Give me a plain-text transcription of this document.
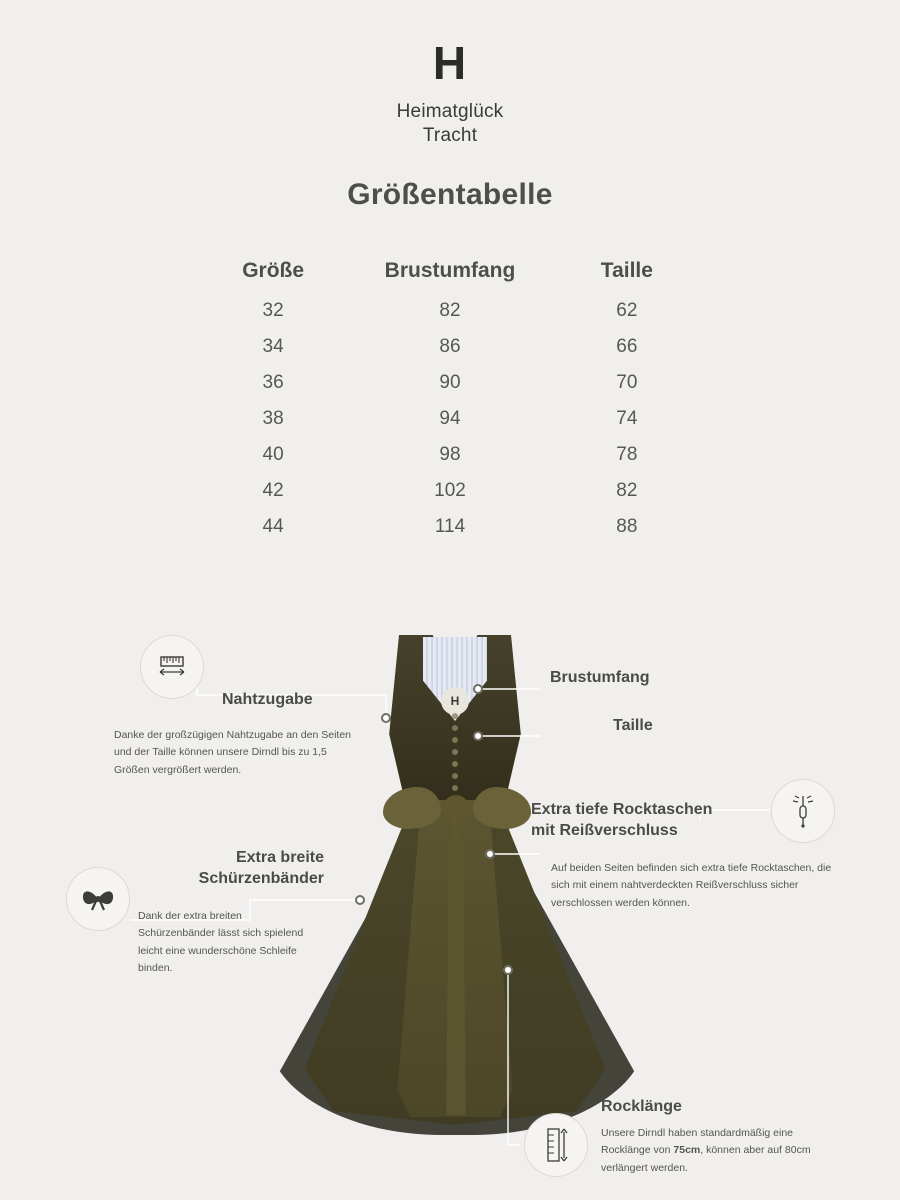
H
Heimatglück
Tracht
Größentabelle
Größe	Brustumfang	Taille
32	82	62
34	86	66
36	90	70
38	94	74
40	98	78
42	102	82
44	114	88
H
Nahtzugabe
Danke der großzügigen Nahtzugabe an den Seiten und der Taille können unsere Dirndl bis zu 1,5 Größen vergrößert werden.
Brustumfang
Taille
Extra tiefe Rocktaschen
mit Reißverschluss
Auf beiden Seiten befinden sich extra tiefe Rocktaschen, die sich mit einem nahtverdeckten Reißverschluss sicher verschlossen werden können.
Extra breite
Schürzenbänder
Dank der extra breiten Schürzenbänder lässt sich spielend leicht eine wunderschöne Schleife binden.
Rocklänge
Unsere Dirndl haben standardmäßig eine Rocklänge von 75cm, können aber auf 80cm verlängert werden.
